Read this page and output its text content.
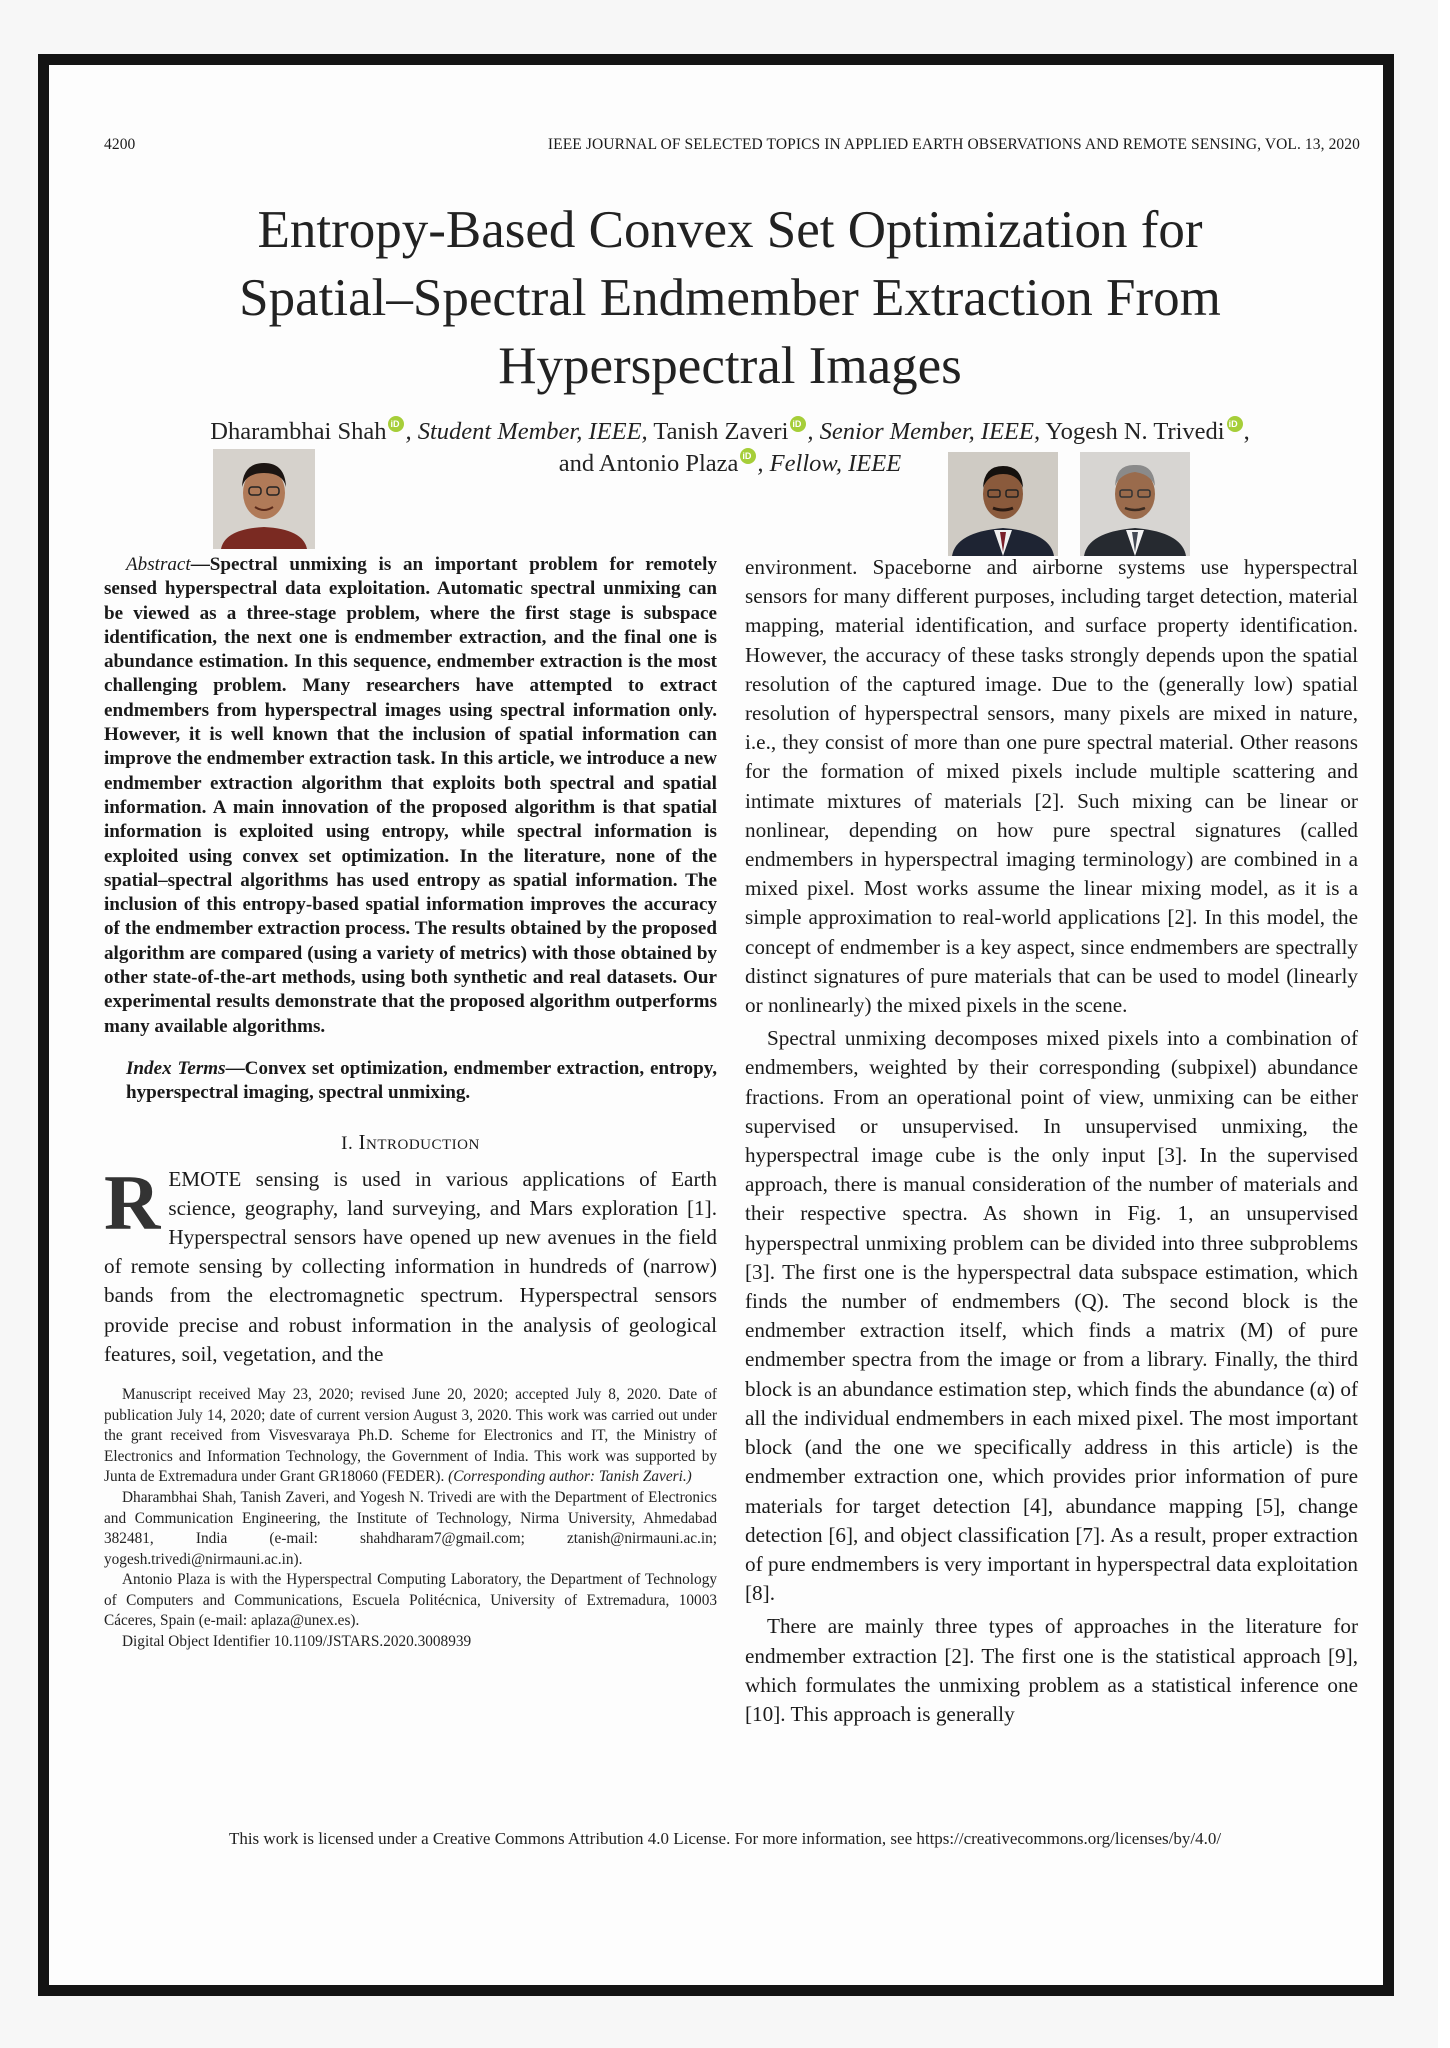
4200	IEEE JOURNAL OF SELECTED TOPICS IN APPLIED EARTH OBSERVATIONS AND REMOTE SENSING, VOL. 13, 2020
Entropy-Based Convex Set Optimization for
Spatial–Spectral Endmember Extraction From
Hyperspectral Images
Dharambhai Shah iD , Student Member, IEEE, Tanish Zaveri iD , Senior Member, IEEE, Yogesh N. Trivedi iD ,
and Antonio Plaza iD , Fellow, IEEE

Abstract—Spectral unmixing is an important problem for remotely sensed hyperspectral data exploitation. Automatic spectral unmixing can be viewed as a three-stage problem, where the first stage is subspace identification, the next one is endmember extraction, and the final one is abundance estimation. In this sequence, endmember extraction is the most challenging problem. Many researchers have attempted to extract endmembers from hyperspectral images using spectral information only. However, it is well known that the inclusion of spatial information can improve the endmember extraction task. In this article, we introduce a new endmember extraction algorithm that exploits both spectral and spatial information. A main innovation of the proposed algorithm is that spatial information is exploited using entropy, while spectral information is exploited using convex set optimization. In the literature, none of the spatial–spectral algorithms has used entropy as spatial information. The inclusion of this entropy-based spatial information improves the accuracy of the endmember extraction process. The results obtained by the proposed algorithm are compared (using a variety of metrics) with those obtained by other state-of-the-art methods, using both synthetic and real datasets. Our experimental results demonstrate that the proposed algorithm outperforms many available algorithms.

Index Terms—Convex set optimization, endmember extraction, entropy, hyperspectral imaging, spectral unmixing.

I. Introduction

REMOTE sensing is used in various applications of Earth science, geography, land surveying, and Mars exploration [1]. Hyperspectral sensors have opened up new avenues in the field of remote sensing by collecting information in hundreds of (narrow) bands from the electromagnetic spectrum. Hyperspectral sensors provide precise and robust information in the analysis of geological features, soil, vegetation, and the

Manuscript received May 23, 2020; revised June 20, 2020; accepted July 8, 2020. Date of publication July 14, 2020; date of current version August 3, 2020. This work was carried out under the grant received from Visvesvaraya Ph.D. Scheme for Electronics and IT, the Ministry of Electronics and Information Technology, the Government of India. This work was supported by Junta de Extremadura under Grant GR18060 (FEDER). (Corresponding author: Tanish Zaveri.)

Dharambhai Shah, Tanish Zaveri, and Yogesh N. Trivedi are with the Department of Electronics and Communication Engineering, the Institute of Technology, Nirma University, Ahmedabad 382481, India (e-mail: shahdharam7@gmail.com; ztanish@nirmauni.ac.in; yogesh.trivedi@nirmauni.ac.in).

Antonio Plaza is with the Hyperspectral Computing Laboratory, the Department of Technology of Computers and Communications, Escuela Politécnica, University of Extremadura, 10003 Cáceres, Spain (e-mail: aplaza@unex.es).

Digital Object Identifier 10.1109/JSTARS.2020.3008939

environment. Spaceborne and airborne systems use hyperspectral sensors for many different purposes, including target detection, material mapping, material identification, and surface property identification. However, the accuracy of these tasks strongly depends upon the spatial resolution of the captured image. Due to the (generally low) spatial resolution of hyperspectral sensors, many pixels are mixed in nature, i.e., they consist of more than one pure spectral material. Other reasons for the formation of mixed pixels include multiple scattering and intimate mixtures of materials [2]. Such mixing can be linear or nonlinear, depending on how pure spectral signatures (called endmembers in hyperspectral imaging terminology) are combined in a mixed pixel. Most works assume the linear mixing model, as it is a simple approximation to real-world applications [2]. In this model, the concept of endmember is a key aspect, since endmembers are spectrally distinct signatures of pure materials that can be used to model (linearly or nonlinearly) the mixed pixels in the scene.

Spectral unmixing decomposes mixed pixels into a combination of endmembers, weighted by their corresponding (subpixel) abundance fractions. From an operational point of view, unmixing can be either supervised or unsupervised. In unsupervised unmixing, the hyperspectral image cube is the only input [3]. In the supervised approach, there is manual consideration of the number of materials and their respective spectra. As shown in Fig. 1, an unsupervised hyperspectral unmixing problem can be divided into three subproblems [3]. The first one is the hyperspectral data subspace estimation, which finds the number of endmembers (Q). The second block is the endmember extraction itself, which finds a matrix (M) of pure endmember spectra from the image or from a library. Finally, the third block is an abundance estimation step, which finds the abundance (α) of all the individual endmembers in each mixed pixel. The most important block (and the one we specifically address in this article) is the endmember extraction one, which provides prior information of pure materials for target detection [4], abundance mapping [5], change detection [6], and object classification [7]. As a result, proper extraction of pure endmembers is very important in hyperspectral data exploitation [8].

There are mainly three types of approaches in the literature for endmember extraction [2]. The first one is the statistical approach [9], which formulates the unmixing problem as a statistical inference one [10]. This approach is generally

This work is licensed under a Creative Commons Attribution 4.0 License. For more information, see https://creativecommons.org/licenses/by/4.0/
